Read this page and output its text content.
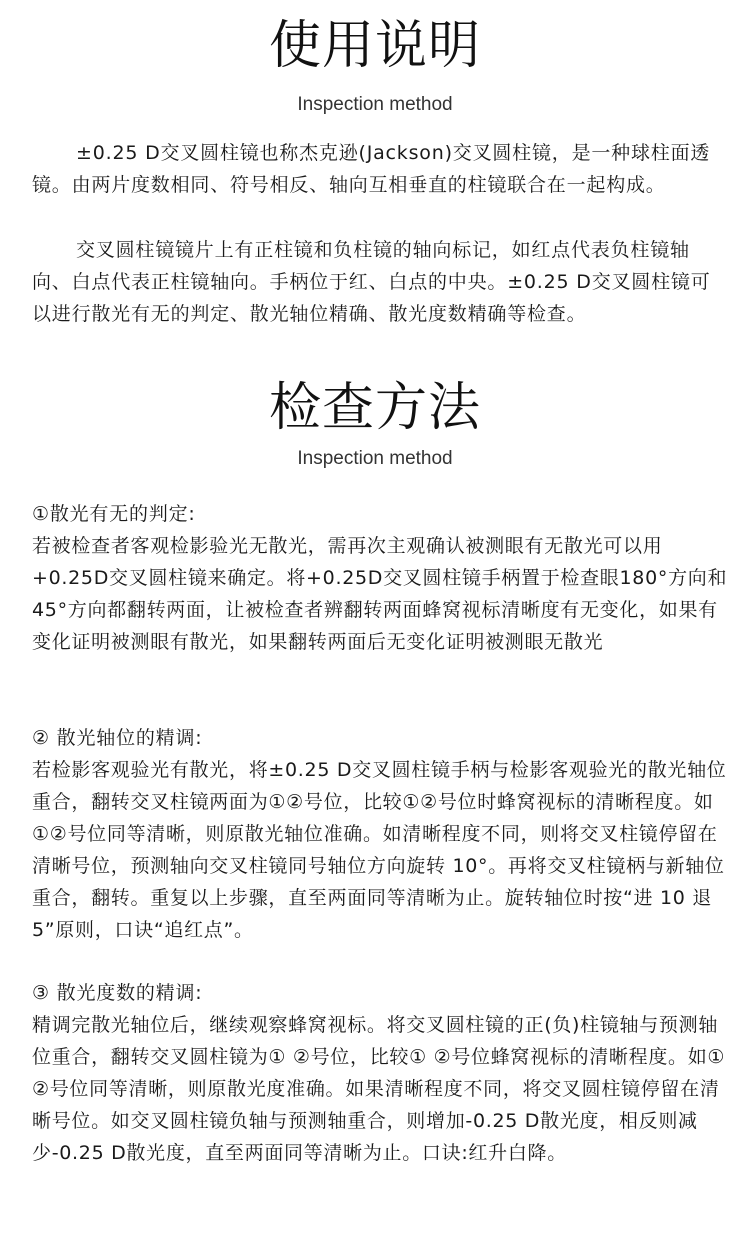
使用说明
Inspection method

±0.25 D交叉圆柱镜也称杰克逊(Jackson)交叉圆柱镜，是一种球柱面透镜。由两片度数相同、符号相反、轴向互相垂直的柱镜联合在一起构成。

交叉圆柱镜镜片上有正柱镜和负柱镜的轴向标记，如红点代表负柱镜轴向、白点代表正柱镜轴向。手柄位于红、白点的中央。±0.25 D交叉圆柱镜可以进行散光有无的判定、散光轴位精确、散光度数精确等检查。

检查方法
Inspection method

①散光有无的判定:

若被检查者客观检影验光无散光，需再次主观确认被测眼有无散光可以用+0.25D交叉圆柱镜来确定。将+0.25D交叉圆柱镜手柄置于检查眼180°方向和45°方向都翻转两面，让被检查者辨翻转两面蜂窝视标清晰度有无变化，如果有变化证明被测眼有散光，如果翻转两面后无变化证明被测眼无散光

② 散光轴位的精调:

若检影客观验光有散光，将±0.25 D交叉圆柱镜手柄与检影客观验光的散光轴位重合，翻转交叉柱镜两面为①②号位，比较①②号位时蜂窝视标的清晰程度。如①②号位同等清晰，则原散光轴位准确。如清晰程度不同，则将交叉柱镜停留在清晰号位，预测轴向交叉柱镜同号轴位方向旋转 10°。再将交叉柱镜柄与新轴位重合，翻转。重复以上步骤，直至两面同等清晰为止。旋转轴位时按“进 10 退 5”原则，口诀“追红点”。

③ 散光度数的精调:

精调完散光轴位后，继续观察蜂窝视标。将交叉圆柱镜的正(负)柱镜轴与预测轴位重合，翻转交叉圆柱镜为① ②号位，比较① ②号位蜂窝视标的清晰程度。如① ②号位同等清晰，则原散光度准确。如果清晰程度不同，将交叉圆柱镜停留在清晰号位。如交叉圆柱镜负轴与预测轴重合，则增加-0.25 D散光度，相反则减少-0.25 D散光度，直至两面同等清晰为止。口诀:红升白降。
